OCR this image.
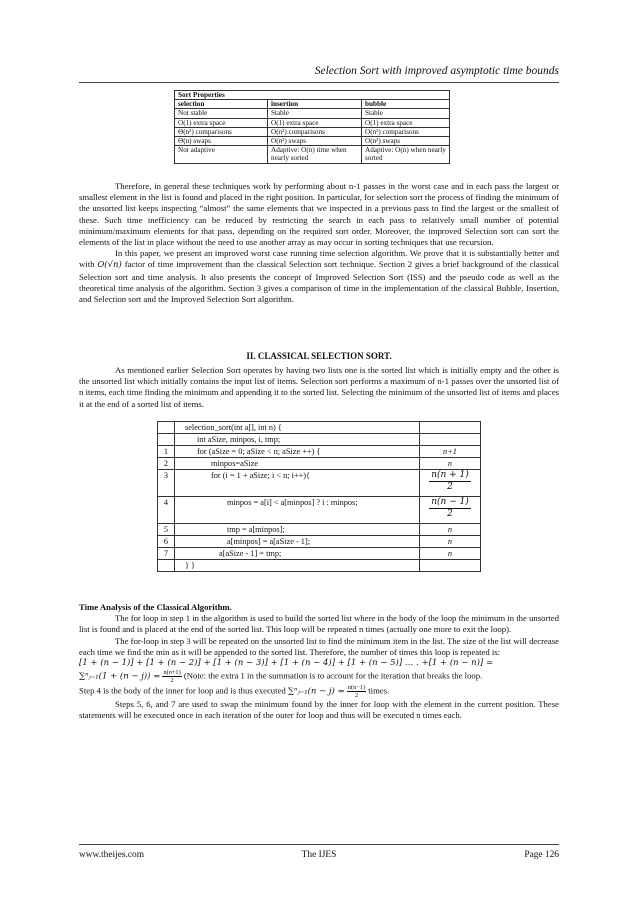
Selection Sort with improved asymptotic time bounds
Sort Properties		
selection	insertion	bubble
Not stable	Stable	Stable
O(1) extra space	O(1) extra space	O(1) extra space
Θ(n²) comparisons	O(n²) comparisons	O(n²) comparisons
Θ(n) swaps	O(n²) swaps	O(n²) swaps
Not adaptive	Adaptive: O(n) time when nearly sorted	Adaptive: O(n) when nearly sorted

Therefore, in general these techniques work by performing about n-1 passes in the worst case and in each pass the largest or smallest element in the list is found and placed in the right position. In particular, for selection sort the process of finding the minimum of the unsorted list keeps inspecting “almost” the same elements that we inspected in a previous pass to find the largest or the smallest of these. Such time inefficiency can be reduced by restricting the search in each pass to relatively small number of potential minimum/maximum elements for that pass, depending on the required sort order. Moreover, the improved Selection sort can sort the elements of the list in place without the need to use another array as may occur in sorting techniques that use recursion.

In this paper, we present an improved worst case running time selection algorithm. We prove that it is substantially better and with O(√n) factor of time improvement than the classical Selection sort technique. Section 2 gives a brief background of the classical Selection sort and time analysis. It also presents the concept of Improved Selection Sort (ISS) and the pseudo code as well as the theoretical time analysis of the algorithm. Section 3 gives a comparison of time in the implementation of the classical Bubble, Insertion, and Selection sort and the Improved Selection Sort algorithm.

II. CLASSICAL SELECTION SORT.

As mentioned earlier Selection Sort operates by having two lists one is the sorted list which is initially empty and the other is the unsorted list which initially contains the input list of items. Selection sort performs a maximum of n-1 passes over the unsorted list of n items, each time finding the minimum and appending it to the sorted list. Selecting the minimum of the unsorted list of items and places it at the end of a sorted list of items.

	selection_sort(int a[], int n) {	
	int aSize, minpos, i, tmp;	
1	for (aSize = 0; aSize < n; aSize ++) {	n+1
2	minpos=aSize	n
3	for (i = 1 + aSize; i < n; i++){	$\frac{n(n + 1)}{2}$

4	minpos = a[i] < a[minpos] ? i : minpos;	$\frac{n(n - 1)}{2}$

5	tmp = a[minpos];	n
6	a[minpos] = a[aSize - 1];	n
7	a[aSize - 1] = tmp;	n
	} }	

Time Analysis of the Classical Algorithm.

The for loop in step 1 in the algorithm is used to build the sorted list where in the body of the loop the minimum in the unsorted list is found and is placed at the end of the sorted list. This loop will be repeated n times (actually one more to exit the loop).

The for-loop in step 3 will be repeated on the unsorted list to find the minimum item in the list. The size of the list will decrease each time we find the min as it will be appended to the sorted list. Therefore, the number of times this loop is repeated is:

[1 + (n − 1)] + [1 + (n − 2)] + [1 + (n − 3)] + [1 + (n − 4)] + [1 + (n − 5)] … . +[1 + (n − n)] =

∑ⁿⱼ₌₁(1 + $(n - j)) = \frac{n(n+1)}{2}$ (Note: the extra 1 in the summation is to account for the iteration that breaks the loop.

Step 4 is the body of the inner for loop and is thus executed ∑ⁿⱼ₌₁(n − $j) = \frac{n(n-1)}{2}$ times.

Steps 5, 6, and 7 are used to swap the minimum found by the inner for loop with the element in the current position. These statements will be executed once in each iteration of the outer for loop and thus will be executed n times each.

The IJES
www.theijes.com	Page 126
